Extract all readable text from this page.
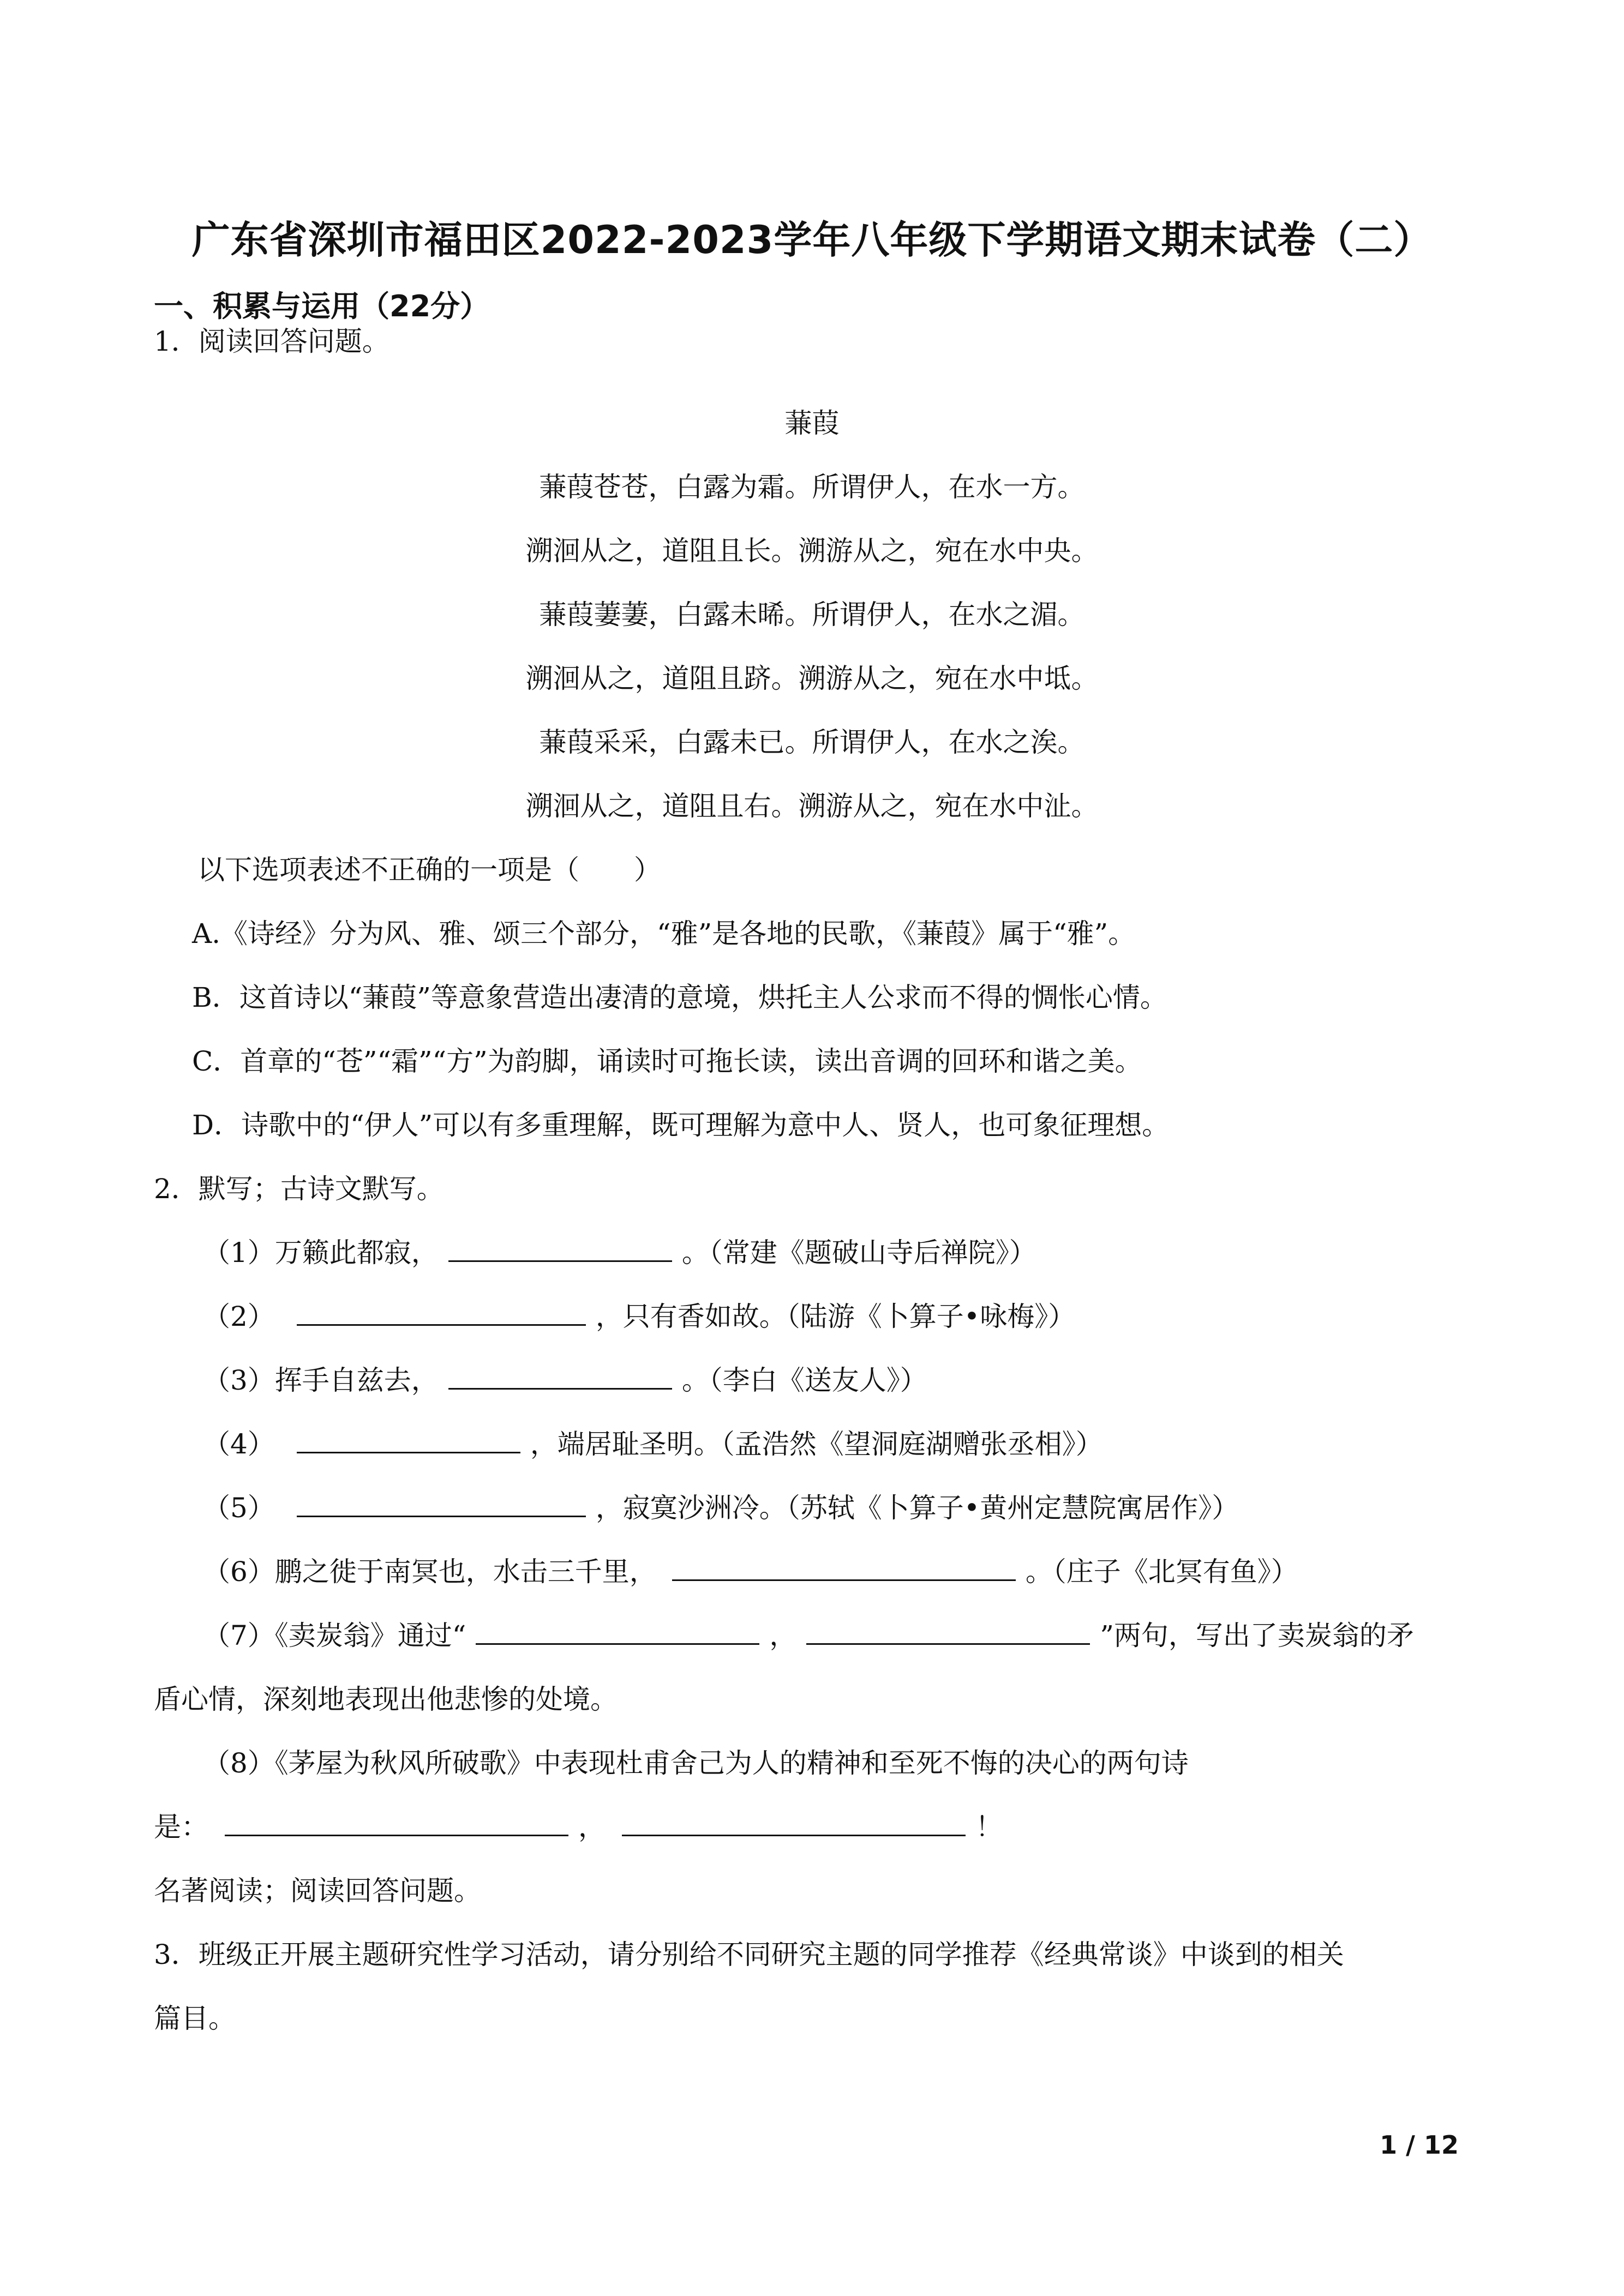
广东省深圳市福田区2022-2023学年八年级下学期语文期末试卷（二）
一、积累与运用（22分）
1．阅读回答问题。
蒹葭
蒹葭苍苍，白露为霜。所谓伊人，在水一方。
溯洄从之，道阻且长。溯游从之，宛在水中央。
蒹葭萋萋，白露未晞。所谓伊人，在水之湄。
溯洄从之，道阻且跻。溯游从之，宛在水中坻。
蒹葭采采，白露未已。所谓伊人，在水之涘。
溯洄从之，道阻且右。溯游从之，宛在水中沚。
以下选项表述不正确的一项是（　　）
A.《诗经》分为风、雅、颂三个部分，“雅”是各地的民歌，《蒹葭》属于“雅”。
B．这首诗以“蒹葭”等意象营造出凄清的意境，烘托主人公求而不得的惆怅心情。
C．首章的“苍”“霜”“方”为韵脚，诵读时可拖长读，读出音调的回环和谐之美。
D．诗歌中的“伊人”可以有多重理解，既可理解为意中人、贤人，也可象征理想。
2．默写；古诗文默写。
（1）万籁此都寂，	。（常建《题破山寺后禅院》）
（2）	，只有香如故。（陆游《卜算子•咏梅》）
（3）挥手自兹去，	。（李白《送友人》）
（4）	，端居耻圣明。（孟浩然《望洞庭湖赠张丞相》）
（5）	，寂寞沙洲冷。（苏轼《卜算子•黄州定慧院寓居作》）
（6）鹏之徙于南冥也，水击三千里，	。（庄子《北冥有鱼》）
（7）《卖炭翁》通过“	，	”两句，写出了卖炭翁的矛
盾心情，深刻地表现出他悲惨的处境。
（8）《茅屋为秋风所破歌》中表现杜甫舍己为人的精神和至死不悔的决心的两句诗
是：	，	！
名著阅读；阅读回答问题。
3．班级正开展主题研究性学习活动，请分别给不同研究主题的同学推荐《经典常谈》中谈到的相关
篇目。
1 / 12
